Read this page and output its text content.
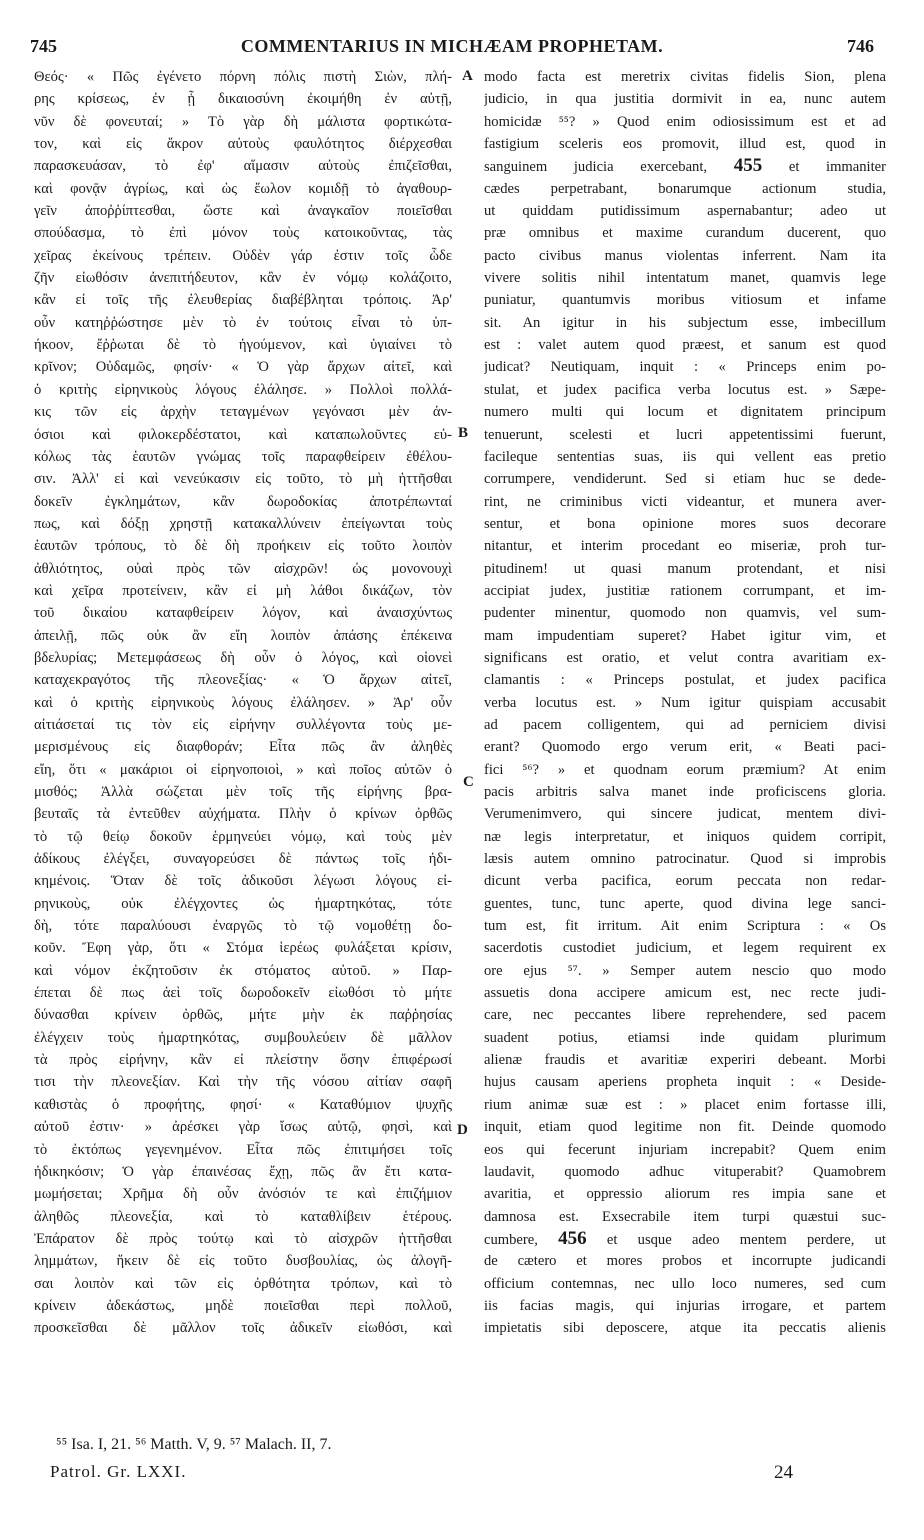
745	COMMENTARIUS IN MICHÆAM PROPHETAM.	746
Θεός· « Πῶς ἐγένετο πόρνη πόλις πιστὴ Σιὼν, πλή-
ρης κρίσεως, ἐν ᾗ δικαιοσύνη ἐκοιμήθη ἐν αὐτῇ,
νῦν δὲ φονευταί; » Τὸ γὰρ δὴ μάλιστα φορτικώτα-
τον, καὶ εἰς ἄκρον αὐτοὺς φαυλότητος διέρχεσθαι
παρασκευάσαν, τὸ ἐφ' αἵμασιν αὐτοὺς ἐπιζεῖσθαι,
καὶ φονᾷν ἀγρίως, καὶ ὡς ἕωλον κομιδῇ τὸ ἀγαθουρ-
γεῖν ἀποῤῥίπτεσθαι, ὥστε καὶ ἀναγκαῖον ποιεῖσθαι
σπούδασμα, τὸ ἐπὶ μόνον τοὺς κατοικοῦντας, τὰς
χεῖρας ἐκείνους τρέπειν. Οὐδὲν γάρ ἐστιν τοῖς ὧδε
ζῆν εἰωθόσιν ἀνεπιτήδευτον, κἂν ἐν νόμῳ κολάζοιτο,
κἂν εἰ τοῖς τῆς ἐλευθερίας διαβέβληται τρόποις. Ἀρ'
οὖν κατηῤῥώστησε μὲν τὸ ἐν τούτοις εἶναι τὸ ὑπ-
ήκοον, ἔῤῥωται δὲ τὸ ἡγούμενον, καὶ ὑγιαίνει τὸ
κρῖνον; Οὐδαμῶς, φησίν· « Ὁ γὰρ ἄρχων αἰτεῖ, καὶ
ὁ κριτὴς εἰρηνικοὺς λόγους ἐλάλησε. » Πολλοὶ πολλά-
κις τῶν εἰς ἀρχὴν τεταγμένων γεγόνασι μὲν ἀν-
όσιοι καὶ φιλοκερδέστατοι, καὶ καταπωλοῦντες εὐ-
κόλως τὰς ἑαυτῶν γνώμας τοῖς παραφθείρειν ἐθέλου-
σιν. Ἀλλ' εἰ καὶ νενεύκασιν εἰς τοῦτο, τὸ μὴ ἡττῆσθαι
δοκεῖν ἐγκλημάτων, κἂν δωροδοκίας ἀποτρέπωνταί
πως, καὶ δόξῃ χρηστῇ κατακαλλύνειν ἐπείγωνται τοὺς
ἑαυτῶν τρόπους, τὸ δὲ δὴ προήκειν εἰς τοῦτο λοιπὸν
ἀθλιότητος, οὐαὶ πρὸς τῶν αἰσχρῶν! ὡς μονονουχὶ
καὶ χεῖρα προτείνειν, κἂν εἰ μὴ λάθοι δικάζων, τὸν
τοῦ δικαίου καταφθείρειν λόγον, καὶ ἀναισχύντως
ἀπειλῇ, πῶς οὐκ ἂν εἴη λοιπὸν ἁπάσης ἐπέκεινα
βδελυρίας; Μετεμφάσεως δὴ οὖν ὁ λόγος, καὶ οἱονεὶ
καταχεκραγότος τῆς πλεονεξίας· « Ὁ ἄρχων αἰτεῖ,
καὶ ὁ κριτὴς εἰρηνικοὺς λόγους ἐλάλησεν. » Ἀρ' οὖν
αἰτιάσεταί τις τὸν εἰς εἰρήνην συλλέγοντα τοὺς με-
μερισμένους εἰς διαφθοράν; Εἶτα πῶς ἂν ἀληθὲς
εἴη, ὅτι « μακάριοι οἱ εἰρηνοποιοὶ, » καὶ ποῖος αὐτῶν ὁ
μισθός; Ἀλλὰ σώζεται μὲν τοῖς τῆς εἰρήνης βρα-
βευταῖς τὰ ἐντεῦθεν αὐχήματα. Πλὴν ὁ κρίνων ὀρθῶς
τὸ τῷ θείῳ δοκοῦν ἑρμηνεύει νόμῳ, καὶ τοὺς μὲν
ἀδίκους ἐλέγξει, συναγορεύσει δὲ πάντως τοῖς ἠδι-
κημένοις. Ὅταν δὲ τοῖς ἀδικοῦσι λέγωσι λόγους εἰ-
ρηνικοὺς, οὐκ ἐλέγχοντες ὡς ἡμαρτηκότας, τότε
δὴ, τότε παραλύουσι ἐναργῶς τὸ τῷ νομοθέτῃ δο-
κοῦν. Ἔφη γὰρ, ὅτι « Στόμα ἱερέως φυλάξεται κρίσιν,
καὶ νόμον ἐκζητοῦσιν ἐκ στόματος αὐτοῦ. » Παρ-
έπεται δὲ πως ἀεὶ τοῖς δωροδοκεῖν εἰωθόσι τὸ μήτε
δύνασθαι κρίνειν ὀρθῶς, μήτε μὴν ἐκ παῤῥησίας
ἐλέγχειν τοὺς ἡμαρτηκότας, συμβουλεύειν δὲ μᾶλλον
τὰ πρὸς εἰρήνην, κἂν εἰ πλείστην ὅσην ἐπιφέρωσί
τισι τὴν πλεονεξίαν. Καὶ τὴν τῆς νόσου αἰτίαν σαφῆ
καθιστὰς ὁ προφήτης, φησί· « Καταθύμιον ψυχῆς
αὐτοῦ ἐστιν· » ἀρέσκει γὰρ ἴσως αὐτῷ, φησὶ, καὶ
τὸ ἐκτόπως γεγενημένον. Εἶτα πῶς ἐπιτιμήσει τοῖς
ἠδικηκόσιν; Ὁ γὰρ ἐπαινέσας ἔχῃ, πῶς ἂν ἔτι κατα-
μωμήσεται; Χρῆμα δὴ οὖν ἀνόσιόν τε καὶ ἐπιζήμιον
ἀληθῶς πλεονεξία, καὶ τὸ καταθλίβειν ἑτέρους.
Ἐπάρατον δὲ πρὸς τούτῳ καὶ τὸ αἰσχρῶν ἡττῆσθαι
λημμάτων, ἥκειν δὲ εἰς τοῦτο δυσβουλίας, ὡς ἀλογῆ-
σαι λοιπὸν καὶ τῶν εἰς ὀρθότητα τρόπων, καὶ τὸ
κρίνειν ἀδεκάστως, μηδὲ ποιεῖσθαι περὶ πολλοῦ,
προσκεῖσθαι δὲ μᾶλλον τοῖς ἀδικεῖν εἰωθόσι, καὶ
modo facta est meretrix civitas fidelis Sion, plena
judicio, in qua justitia dormivit in ea, nunc autem
homicidæ ⁵⁵? » Quod enim odiosissimum est et ad
fastigium sceleris eos promovit, illud est, quod in
sanguinem judicia exercebant, 455 et immaniter
cædes perpetrabant, bonarumque actionum studia,
ut quiddam putidissimum aspernabantur; adeo ut
præ omnibus et maxime curandum ducerent, quo
pacto civibus manus violentas inferrent. Nam ita
vivere solitis nihil intentatum manet, quamvis lege
puniatur, quantumvis moribus vitiosum et infame
sit. An igitur in his subjectum esse, imbecillum
est : valet autem quod præest, et sanum est quod
judicat? Neutiquam, inquit : « Princeps enim po-
stulat, et judex pacifica verba locutus est. » Sæpe-
numero multi qui locum et dignitatem principum
tenuerunt, scelesti et lucri appetentissimi fuerunt,
facileque sententias suas, iis qui vellent eas pretio
corrumpere, vendiderunt. Sed si etiam huc se dede-
rint, ne criminibus victi videantur, et munera aver-
sentur, et bona opinione mores suos decorare
nitantur, et interim procedant eo miseriæ, proh tur-
pitudinem! ut quasi manum protendant, et nisi
accipiat judex, justitiæ rationem corrumpant, et im-
pudenter minentur, quomodo non quamvis, vel sum-
mam impudentiam superet? Habet igitur vim, et
significans est oratio, et velut contra avaritiam ex-
clamantis : « Princeps postulat, et judex pacifica
verba locutus est. » Num igitur quispiam accusabit
ad pacem colligentem, qui ad perniciem divisi
erant? Quomodo ergo verum erit, « Beati paci-
fici ⁵⁶? » et quodnam eorum præmium? At enim
pacis arbitris salva manet inde proficiscens gloria.
Verumenimvero, qui sincere judicat, mentem divi-
næ legis interpretatur, et iniquos quidem corripit,
læsis autem omnino patrocinatur. Quod si improbis
dicunt verba pacifica, eorum peccata non redar-
guentes, tunc, tunc aperte, quod divina lege sanci-
tum est, fit irritum. Ait enim Scriptura : « Os
sacerdotis custodiet judicium, et legem requirent ex
ore ejus ⁵⁷. » Semper autem nescio quo modo
assuetis dona accipere amicum est, nec recte judi-
care, nec peccantes libere reprehendere, sed pacem
suadent potius, etiamsi inde quidam plurimum
alienæ fraudis et avaritiæ experiri debeant. Morbi
hujus causam aperiens propheta inquit : « Deside-
rium animæ suæ est : » placet enim fortasse illi,
inquit, etiam quod legitime non fit. Deinde quomodo
eos qui fecerunt injuriam increpabit? Quem enim
laudavit, quomodo adhuc vituperabit? Quamobrem
avaritia, et oppressio aliorum res impia sane et
damnosa est. Exsecrabile item turpi quæstui suc-
cumbere, 456 et usque adeo mentem perdere, ut
de cætero et mores probos et incorrupte judicandi
officium contemnas, nec ullo loco numeres, sed cum
iis facias magis, qui injurias irrogare, et partem
impietatis sibi deposcere, atque ita peccatis alienis
A
B
C
D
⁵⁵ Isa. I, 21. ⁵⁶ Matth. V, 9. ⁵⁷ Malach. II, 7.
Patrol. Gr. LXXI.	24
